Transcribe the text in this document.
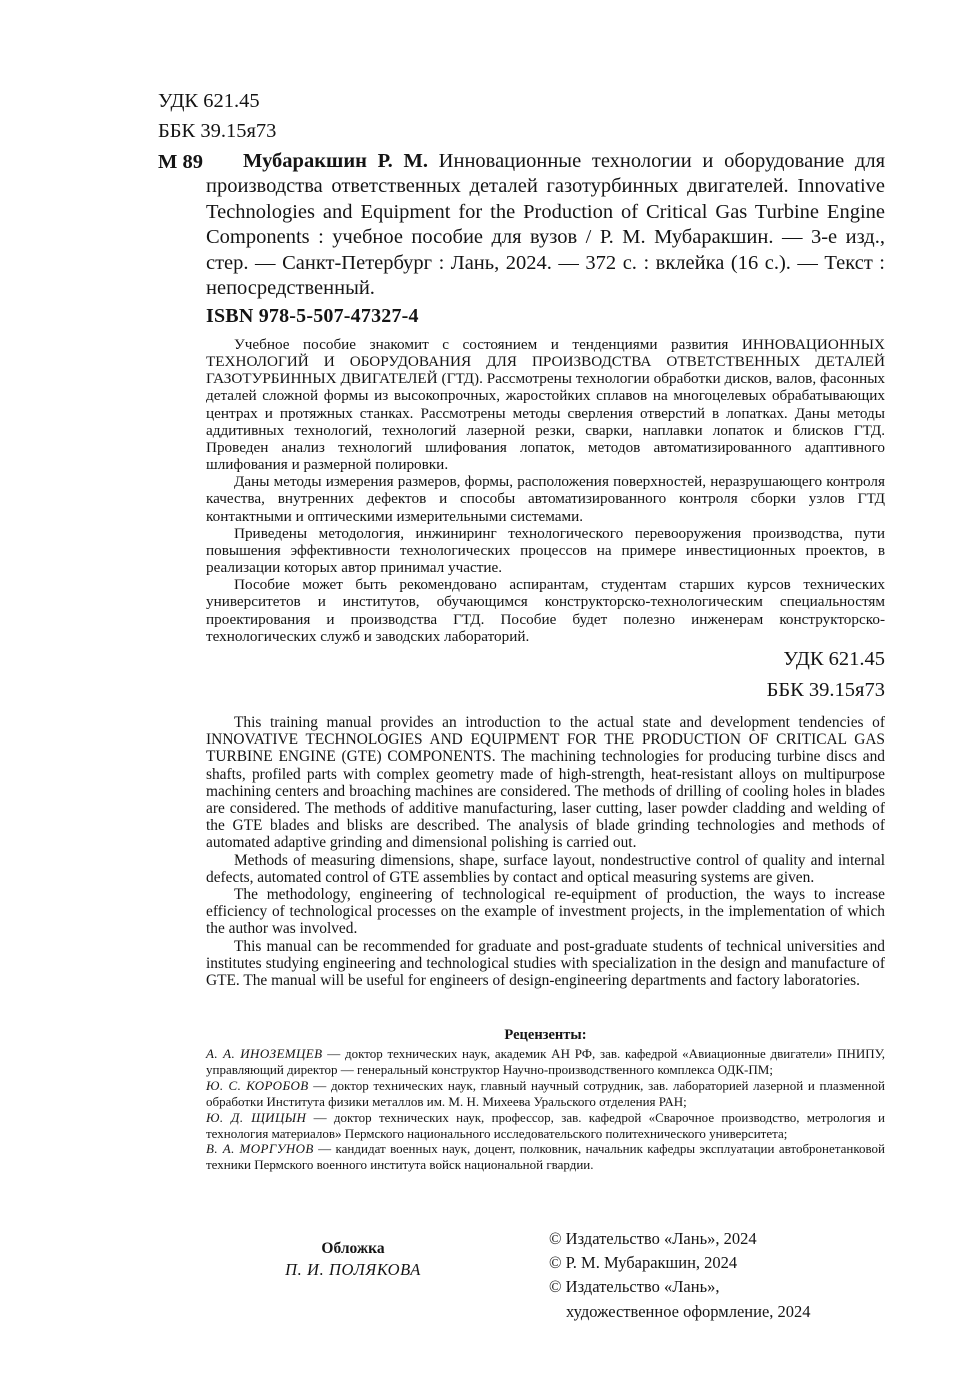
УДК 621.45
ББК 39.15я73
М 89	Мубаракшин Р. М. Инновационные технологии и оборудование для производства ответственных деталей газотурбинных двигателей. Innovative Technologies and Equipment for the Production of Critical Gas Turbine Engine Components : учебное пособие для вузов / Р. М. Мубаракшин. — 3-е изд., стер. — Санкт-Петербург : Лань, 2024. — 372 с. : вклейка (16 с.). — Текст : непосредственный.

ISBN 978-5-507-47327-4

Учебное пособие знакомит с состоянием и тенденциями развития ИННОВАЦИОННЫХ ТЕХНОЛОГИЙ И ОБОРУДОВАНИЯ ДЛЯ ПРОИЗВОДСТВА ОТВЕТСТВЕННЫХ ДЕТАЛЕЙ ГАЗОТУРБИННЫХ ДВИГАТЕЛЕЙ (ГТД). Рассмотрены технологии обработки дисков, валов, фасонных деталей сложной формы из высокопрочных, жаростойких сплавов на многоцелевых обрабатывающих центрах и протяжных станках. Рассмотрены методы сверления отверстий в лопатках. Даны методы аддитивных технологий, технологий лазерной резки, сварки, наплавки лопаток и блисков ГТД. Проведен анализ технологий шлифования лопаток, методов автоматизированного адаптивного шлифования и размерной полировки.

Даны методы измерения размеров, формы, расположения поверхностей, неразрушающего контроля качества, внутренних дефектов и способы автоматизированного контроля сборки узлов ГТД контактными и оптическими измерительными системами.

Приведены методология, инжиниринг технологического перевооружения производства, пути повышения эффективности технологических процессов на примере инвестиционных проектов, в реализации которых автор принимал участие.

Пособие может быть рекомендовано аспирантам, студентам старших курсов технических университетов и институтов, обучающимся конструкторско-технологическим специальностям проектирования и производства ГТД. Пособие будет полезно инженерам конструкторско-технологических служб и заводских лабораторий.

УДК 621.45
ББК 39.15я73

This training manual provides an introduction to the actual state and development tendencies of INNOVATIVE TECHNOLOGIES AND EQUIPMENT FOR THE PRODUCTION OF CRITICAL GAS TURBINE ENGINE (GTE) COMPONENTS. The machining technologies for producing turbine discs and shafts, profiled parts with complex geometry made of high-strength, heat-resistant alloys on multipurpose machining centers and broaching machines are considered. The methods of drilling of cooling holes in blades are considered. The methods of additive manufacturing, laser cutting, laser powder cladding and welding of the GTE blades and blisks are described. The analysis of blade grinding technologies and methods of automated adaptive grinding and dimensional polishing is carried out.

Methods of measuring dimensions, shape, surface layout, nondestructive control of quality and internal defects, automated control of GTE assemblies by contact and optical measuring systems are given.

The methodology, engineering of technological re-equipment of production, the ways to increase efficiency of technological processes on the example of investment projects, in the implementation of which the author was involved.

This manual can be recommended for graduate and post-graduate students of technical universities and institutes studying engineering and technological studies with specialization in the design and manufacture of GTE. The manual will be useful for engineers of design-engineering departments and factory laboratories.

Рецензенты:

А. А. ИНОЗЕМЦЕВ — доктор технических наук, академик АН РФ, зав. кафедрой «Авиационные двигатели» ПНИПУ, управляющий директор — генеральный конструктор Научно-производственного комплекса ОДК-ПМ;

Ю. С. КОРОБОВ — доктор технических наук, главный научный сотрудник, зав. лабораторией лазерной и плазменной обработки Института физики металлов им. М. Н. Михеева Уральского отделения РАН;

Ю. Д. ЩИЦЫН — доктор технических наук, профессор, зав. кафедрой «Сварочное производство, метрология и технология материалов» Пермского национального исследовательского политехнического университета;

В. А. МОРГУНОВ — кандидат военных наук, доцент, полковник, начальник кафедры эксплуатации автобронетанковой техники Пермского военного института войск национальной гвардии.

Обложка
П. И. ПОЛЯКОВА
© Издательство «Лань», 2024
© Р. М. Мубаракшин, 2024
© Издательство «Лань»,
художественное оформление, 2024
